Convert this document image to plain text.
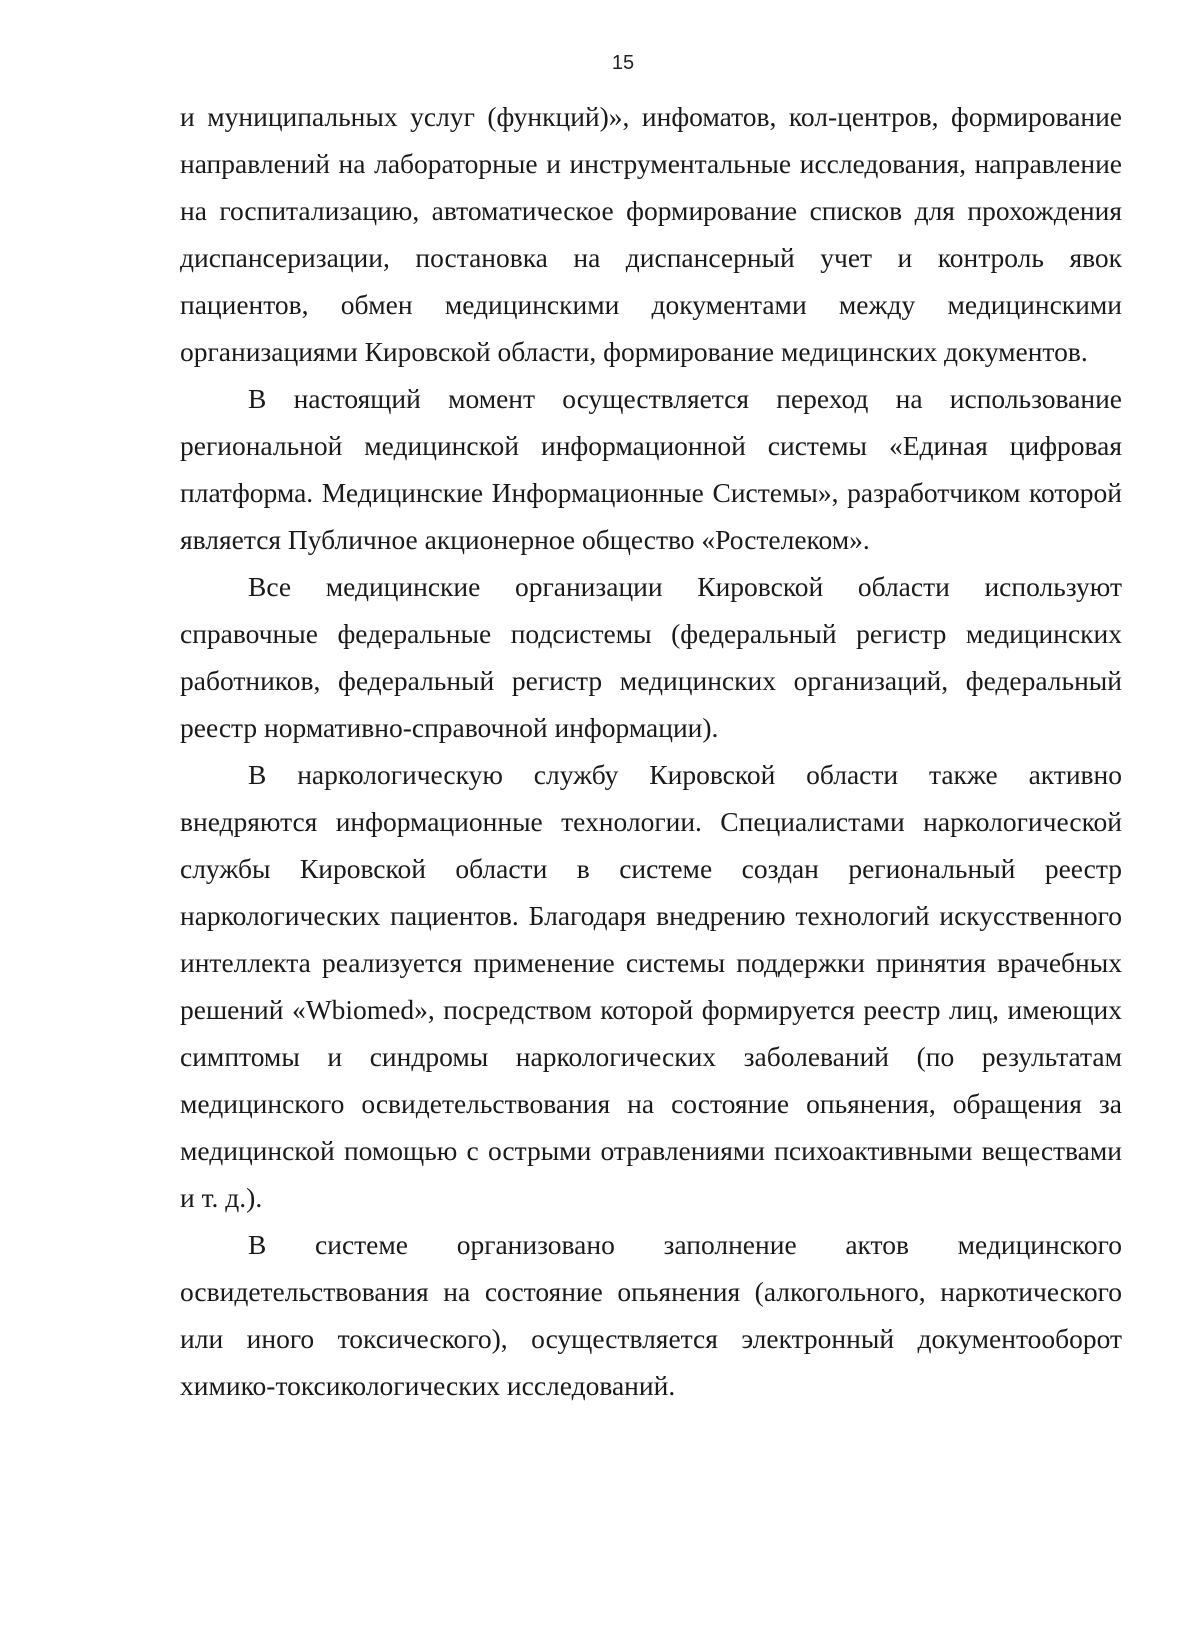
15

и муниципальных услуг (функций)», инфоматов, кол-центров, формирование направлений на лабораторные и инструментальные исследования, направление на госпитализацию, автоматическое формирование списков для прохождения диспансеризации, постановка на диспансерный учет и контроль явок пациентов, обмен медицинскими документами между медицинскими организациями Кировской области, формирование медицинских документов.

В настоящий момент осуществляется переход на использование региональной медицинской информационной системы «Единая цифровая платформа. Медицинские Информационные Системы», разработчиком которой является Публичное акционерное общество «Ростелеком».

Все медицинские организации Кировской области используют справочные федеральные подсистемы (федеральный регистр медицинских работников, федеральный регистр медицинских организаций, федеральный реестр нормативно-справочной информации).

В наркологическую службу Кировской области также активно внедряются информационные технологии. Специалистами наркологической службы Кировской области в системе создан региональный реестр наркологических пациентов. Благодаря внедрению технологий искусственного интеллекта реализуется применение системы поддержки принятия врачебных решений «Wbiomed», посредством которой формируется реестр лиц, имеющих симптомы и синдромы наркологических заболеваний (по результатам медицинского освидетельствования на состояние опьянения, обращения за медицинской помощью с острыми отравлениями психоактивными веществами и т. д.).

В системе организовано заполнение актов медицинского освидетельствования на состояние опьянения (алкогольного, наркотического или иного токсического), осуществляется электронный документооборот химико-токсикологических исследований.
